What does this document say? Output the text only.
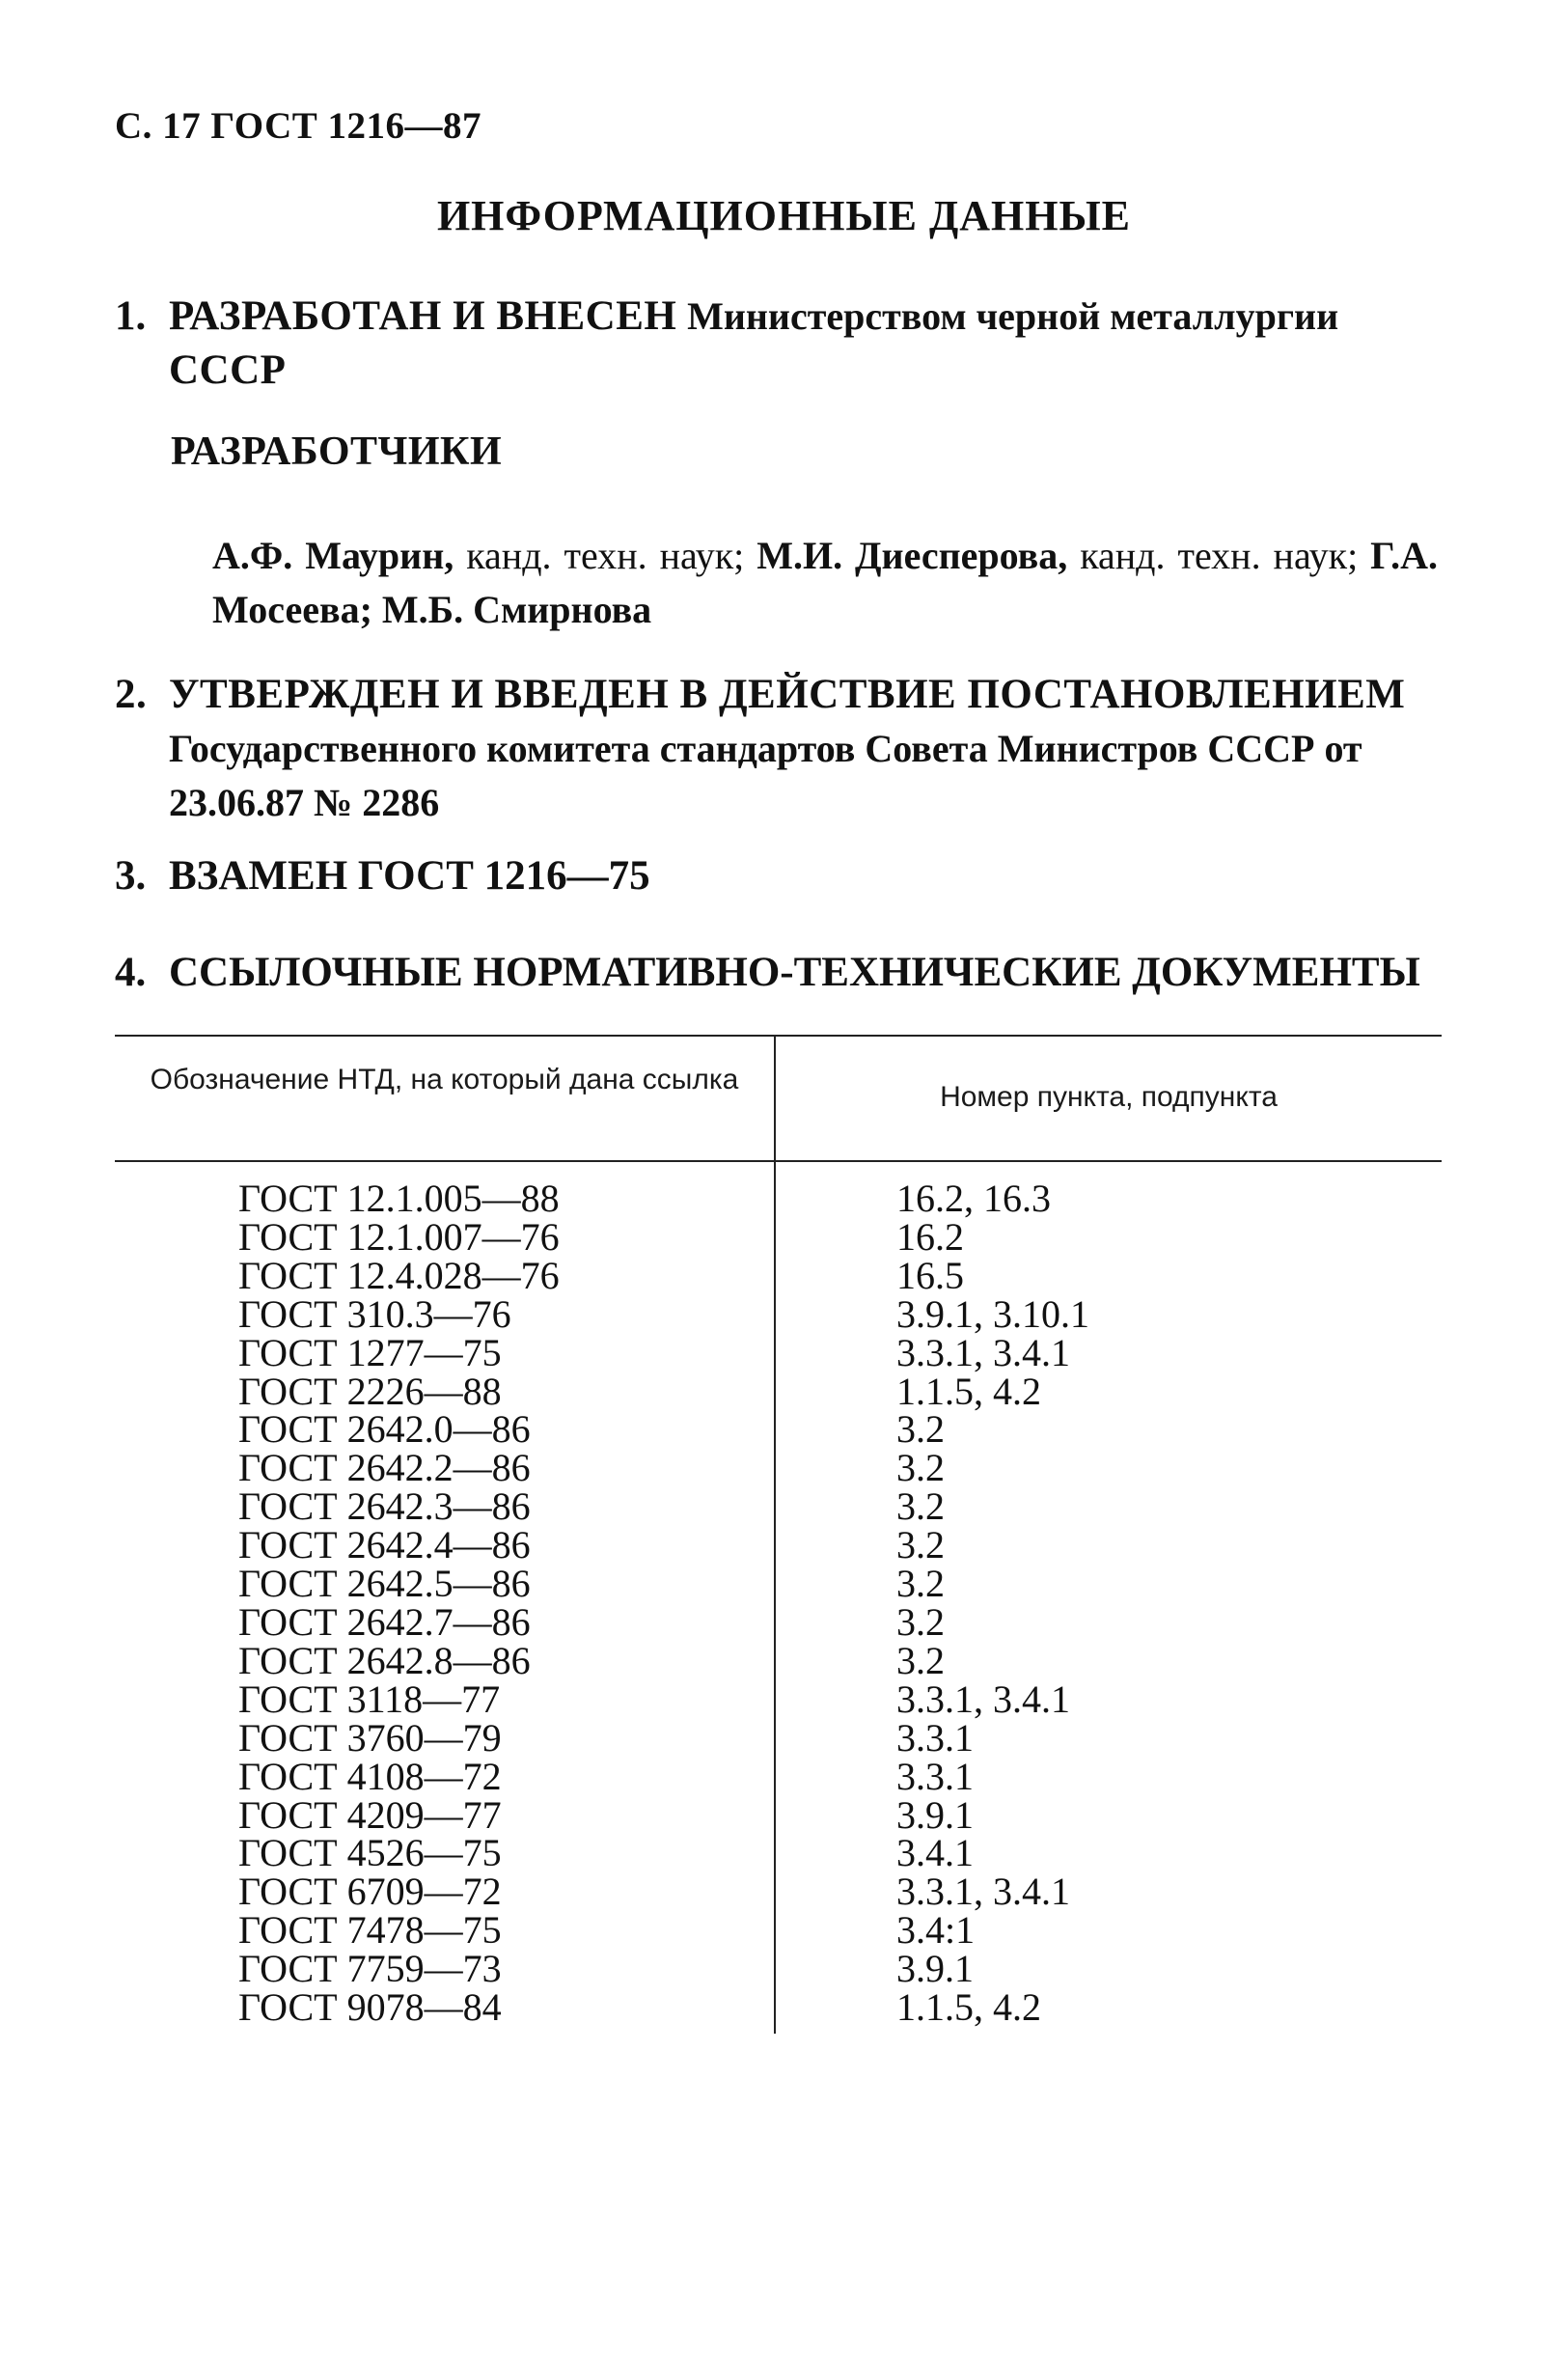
С. 17 ГОСТ 1216—87
ИНФОРМАЦИОННЫЕ ДАННЫЕ
1. РАЗРАБОТАН И ВНЕСЕН Министерством черной металлургии
СССР
РАЗРАБОТЧИКИ
А.Ф. Маурин, канд. техн. наук; М.И. Диесперова, канд. техн. наук; Г.А. Мосеева; М.Б. Смирнова
2. УТВЕРЖДЕН И ВВЕДЕН В ДЕЙСТВИЕ ПОСТАНОВЛЕНИЕМ
Государственного комитета стандартов Совета Министров СССР от
23.06.87 № 2286
3. ВЗАМЕН ГОСТ 1216—75
4. ССЫЛОЧНЫЕ НОРМАТИВНО-ТЕХНИЧЕСКИЕ ДОКУМЕНТЫ
Обозначение НТД, на который дана ссылка
Номер пункта, подпункта
ГОСТ 12.1.005—88
ГОСТ 12.1.007—76
ГОСТ 12.4.028—76
ГОСТ 310.3—76
ГОСТ 1277—75
ГОСТ 2226—88
ГОСТ 2642.0—86
ГОСТ 2642.2—86
ГОСТ 2642.3—86
ГОСТ 2642.4—86
ГОСТ 2642.5—86
ГОСТ 2642.7—86
ГОСТ 2642.8—86
ГОСТ 3118—77
ГОСТ 3760—79
ГОСТ 4108—72
ГОСТ 4209—77
ГОСТ 4526—75
ГОСТ 6709—72
ГОСТ 7478—75
ГОСТ 7759—73
ГОСТ 9078—84
16.2, 16.3
16.2
16.5
3.9.1, 3.10.1
3.3.1, 3.4.1
1.1.5, 4.2
3.2
3.2
3.2
3.2
3.2
3.2
3.2
3.3.1, 3.4.1
3.3.1
3.3.1
3.9.1
3.4.1
3.3.1, 3.4.1
3.4:1
3.9.1
1.1.5, 4.2
